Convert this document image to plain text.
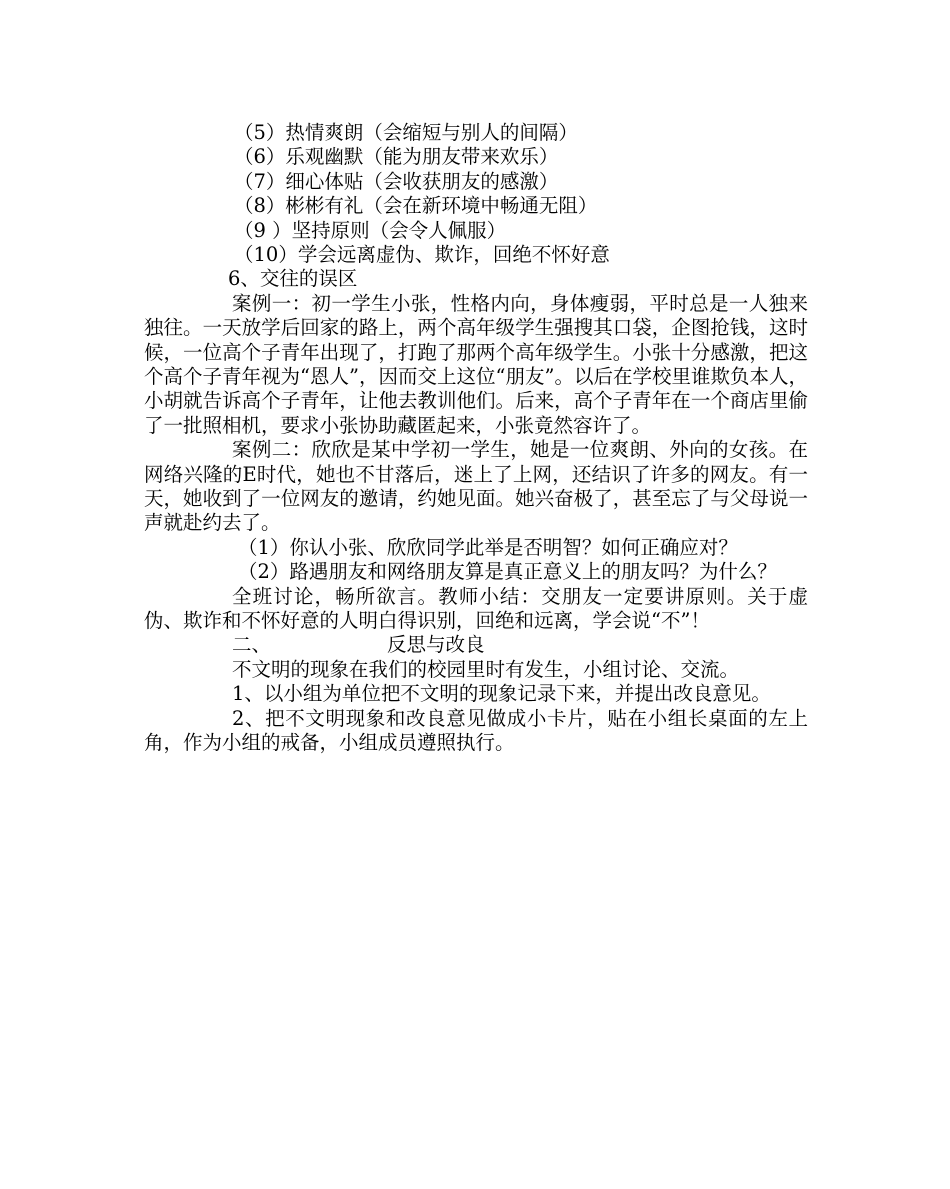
（5）热情爽朗（会缩短与别人的间隔）
（6）乐观幽默（能为朋友带来欢乐）
（7）细心体贴（会收获朋友的感激）
（8）彬彬有礼（会在新环境中畅通无阻）
（9 ）坚持原则（会令人佩服）
（10）学会远离虚伪、欺诈，回绝不怀好意
6、交往的误区
案例一：初一学生小张，性格内向，身体瘦弱，平时总是一人独来独往。一天放学后回家的路上，两个高年级学生强搜其口袋，企图抢钱，这时候，一位高个子青年出现了，打跑了那两个高年级学生。小张十分感激，把这个高个子青年视为“恩人”，因而交上这位“朋友”。以后在学校里谁欺负本人，小胡就告诉高个子青年，让他去教训他们。后来，高个子青年在一个商店里偷了一批照相机，要求小张协助藏匿起来，小张竟然容许了。
案例二：欣欣是某中学初一学生，她是一位爽朗、外向的女孩。在网络兴隆的E时代，她也不甘落后，迷上了上网，还结识了许多的网友。有一天，她收到了一位网友的邀请，约她见面。她兴奋极了，甚至忘了与父母说一声就赴约去了。
（1）你认小张、欣欣同学此举是否明智？如何正确应对？
（2）路遇朋友和网络朋友算是真正意义上的朋友吗？为什么？
全班讨论，畅所欲言。教师小结：交朋友一定要讲原则。关于虚伪、欺诈和不怀好意的人明白得识别，回绝和远离，学会说“不”！
二、	反思与改良
不文明的现象在我们的校园里时有发生，小组讨论、交流。
1、以小组为单位把不文明的现象记录下来，并提出改良意见。
2、把不文明现象和改良意见做成小卡片，贴在小组长桌面的左上角，作为小组的戒备，小组成员遵照执行。
